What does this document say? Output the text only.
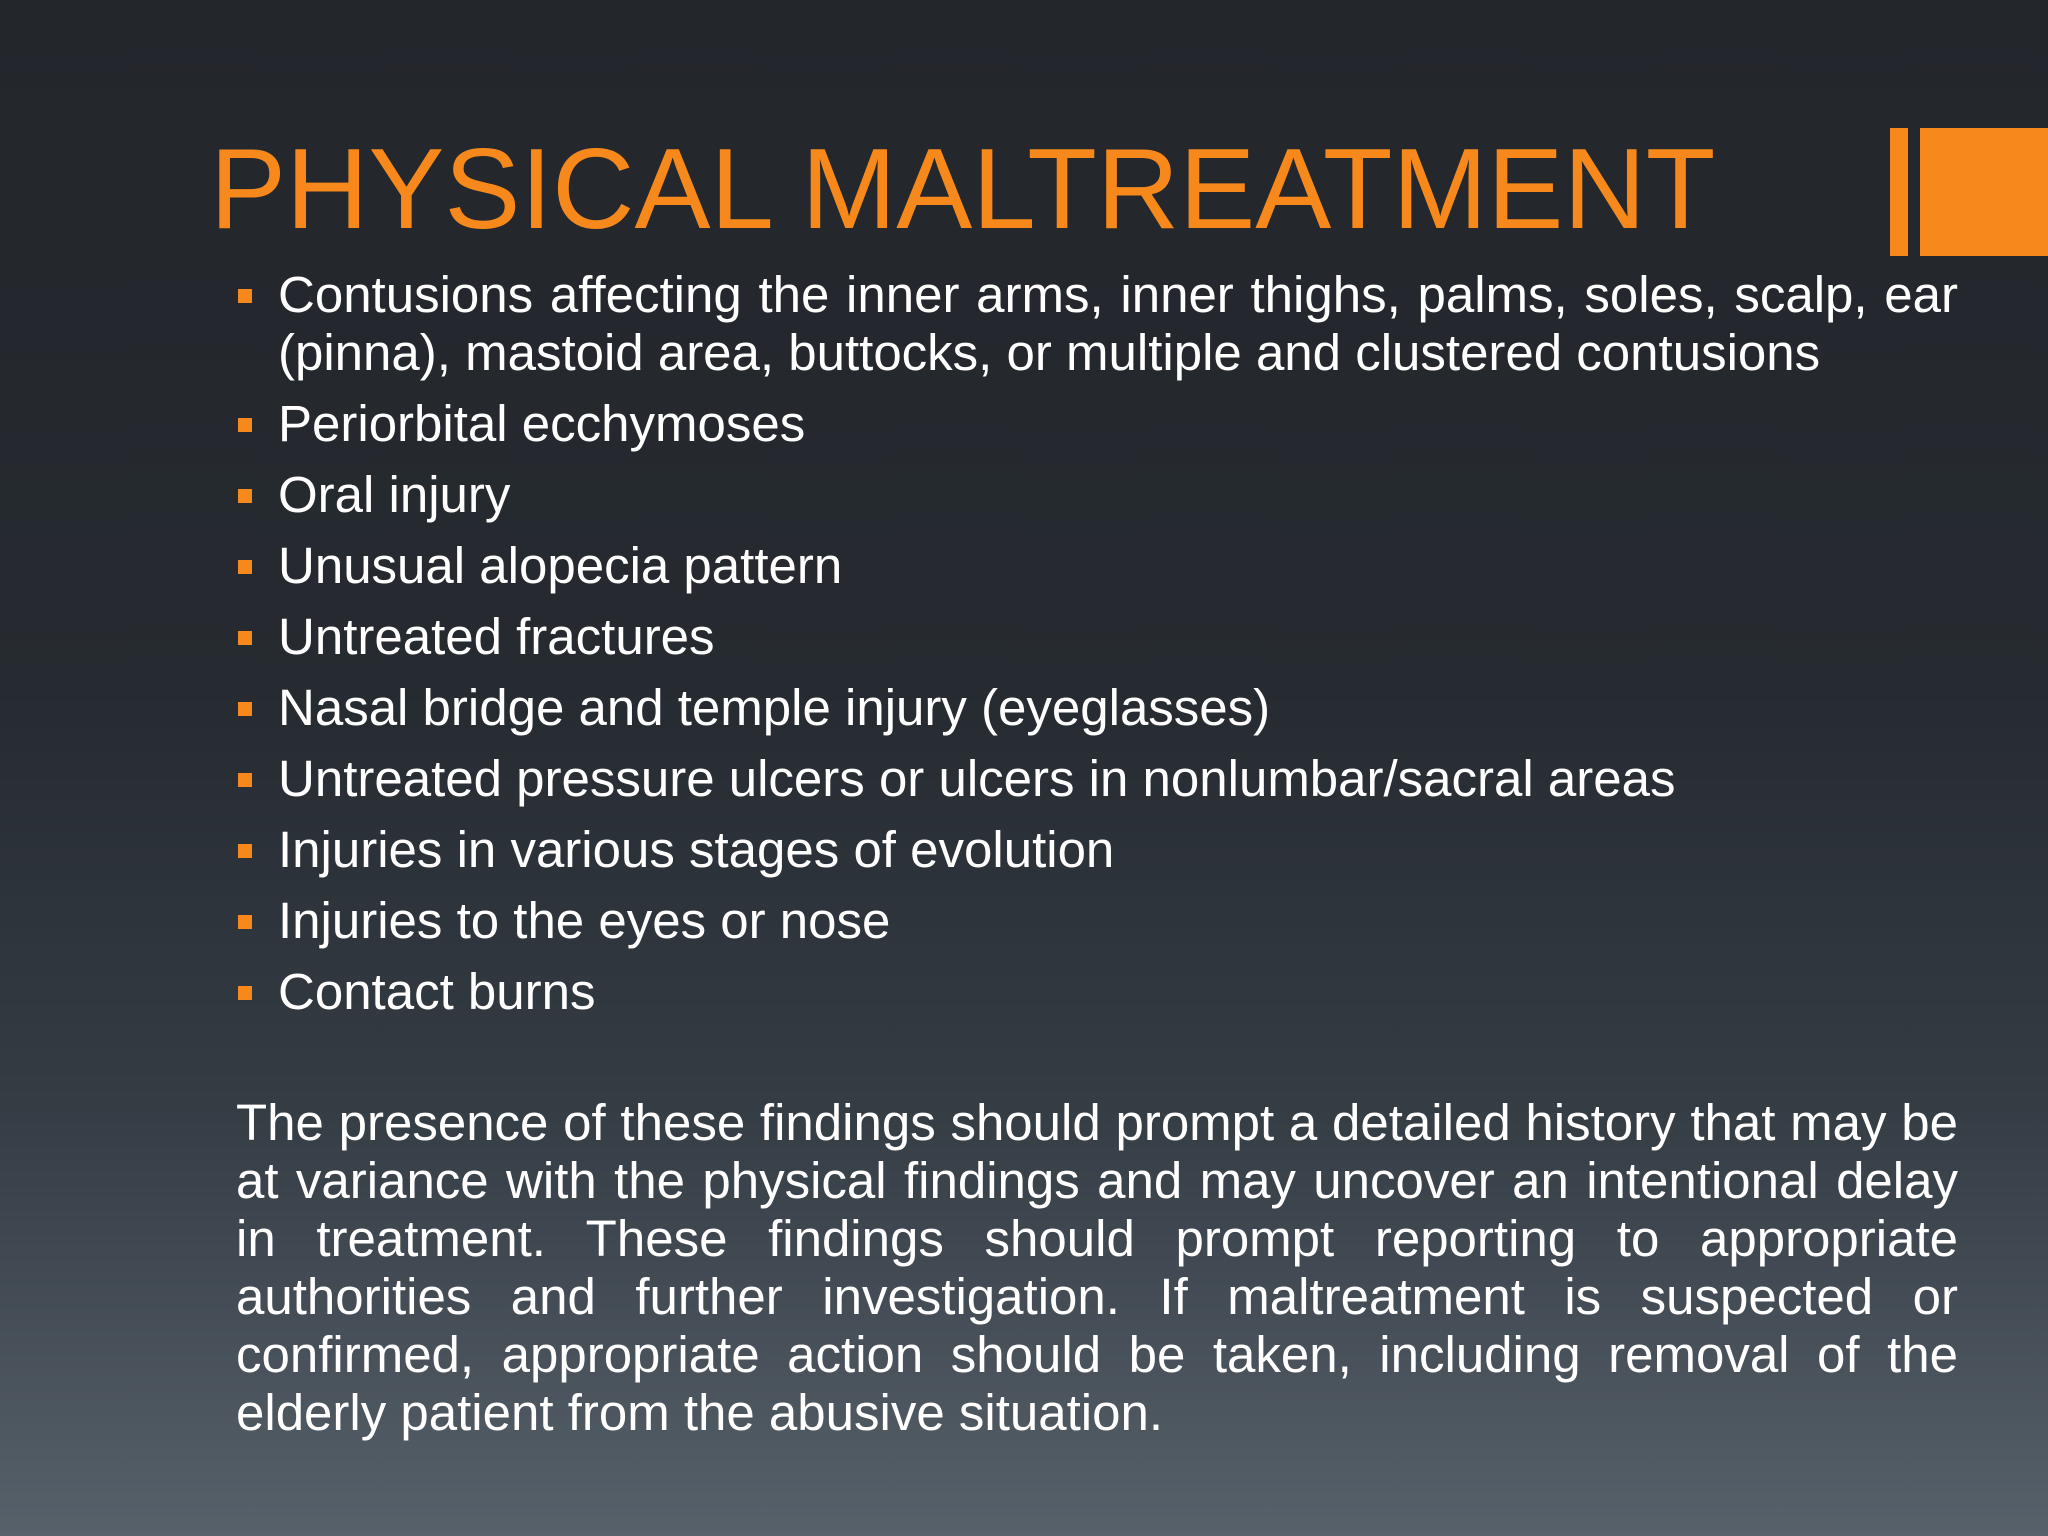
PHYSICAL MALTREATMENT
Contusions affecting the inner arms, inner thighs, palms, soles, scalp, ear (pinna), mastoid area, buttocks, or multiple and clustered contusions
Periorbital ecchymoses
Oral injury
Unusual alopecia pattern
Untreated fractures
Nasal bridge and temple injury (eyeglasses)
Untreated pressure ulcers or ulcers in nonlumbar/sacral areas
Injuries in various stages of evolution
Injuries to the eyes or nose
Contact burns

The presence of these findings should prompt a detailed history that may be at variance with the physical findings and may uncover an intentional delay in treatment. These findings should prompt reporting to appropriate authorities and further investigation. If maltreatment is suspected or confirmed, appropriate action should be taken, including removal of the elderly patient from the abusive situation.
